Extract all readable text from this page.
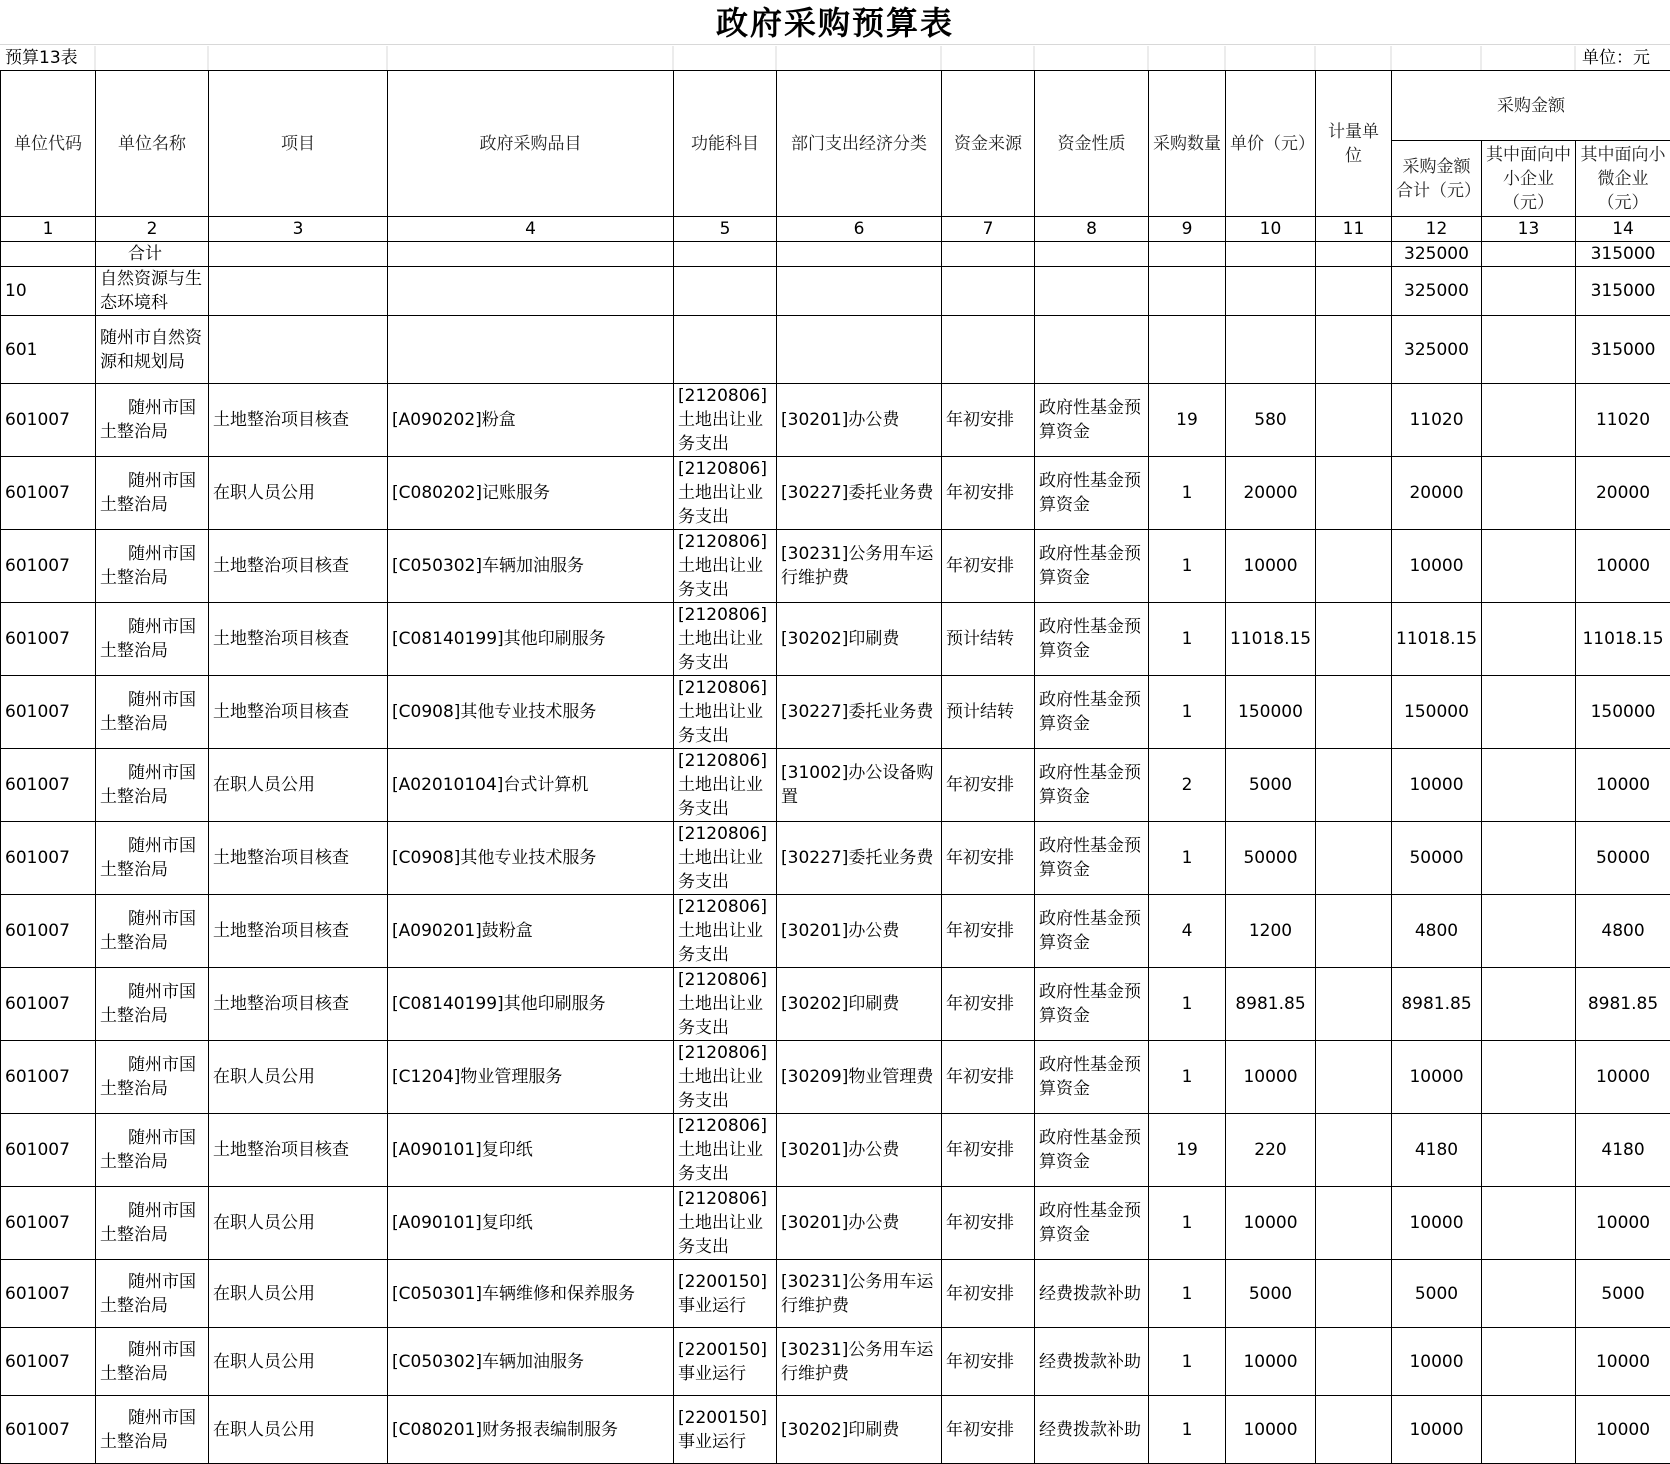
政府采购预算表
预算13表	单位：元
单位代码	单位名称	项目	政府采购品目	功能科目	部门支出经济分类	资金来源	资金性质	采购数量	单价（元）	计量单位	采购金额		
											采购金额合计（元）	其中面向中小企业（元）	其中面向小微企业（元）
1	2	3	4	5	6	7	8	9	10	11	12	13	14
	合计										325000		315000
10	自然资源与生态环境科										325000		315000
601	随州市自然资源和规划局										325000		315000
601007	随州市国土整治局	土地整治项目核查	[A090202]粉盒	[2120806]土地出让业务支出	[30201]办公费	年初安排	政府性基金预算资金	19	580		11020		11020
601007	随州市国土整治局	在职人员公用	[C080202]记账服务	[2120806]土地出让业务支出	[30227]委托业务费	年初安排	政府性基金预算资金	1	20000		20000		20000
601007	随州市国土整治局	土地整治项目核查	[C050302]车辆加油服务	[2120806]土地出让业务支出	[30231]公务用车运行维护费	年初安排	政府性基金预算资金	1	10000		10000		10000
601007	随州市国土整治局	土地整治项目核查	[C08140199]其他印刷服务	[2120806]土地出让业务支出	[30202]印刷费	预计结转	政府性基金预算资金	1	11018.15		11018.15		11018.15
601007	随州市国土整治局	土地整治项目核查	[C0908]其他专业技术服务	[2120806]土地出让业务支出	[30227]委托业务费	预计结转	政府性基金预算资金	1	150000		150000		150000
601007	随州市国土整治局	在职人员公用	[A02010104]台式计算机	[2120806]土地出让业务支出	[31002]办公设备购置	年初安排	政府性基金预算资金	2	5000		10000		10000
601007	随州市国土整治局	土地整治项目核查	[C0908]其他专业技术服务	[2120806]土地出让业务支出	[30227]委托业务费	年初安排	政府性基金预算资金	1	50000		50000		50000
601007	随州市国土整治局	土地整治项目核查	[A090201]鼓粉盒	[2120806]土地出让业务支出	[30201]办公费	年初安排	政府性基金预算资金	4	1200		4800		4800
601007	随州市国土整治局	土地整治项目核查	[C08140199]其他印刷服务	[2120806]土地出让业务支出	[30202]印刷费	年初安排	政府性基金预算资金	1	8981.85		8981.85		8981.85
601007	随州市国土整治局	在职人员公用	[C1204]物业管理服务	[2120806]土地出让业务支出	[30209]物业管理费	年初安排	政府性基金预算资金	1	10000		10000		10000
601007	随州市国土整治局	土地整治项目核查	[A090101]复印纸	[2120806]土地出让业务支出	[30201]办公费	年初安排	政府性基金预算资金	19	220		4180		4180
601007	随州市国土整治局	在职人员公用	[A090101]复印纸	[2120806]土地出让业务支出	[30201]办公费	年初安排	政府性基金预算资金	1	10000		10000		10000
601007	随州市国土整治局	在职人员公用	[C050301]车辆维修和保养服务	[2200150]事业运行	[30231]公务用车运行维护费	年初安排	经费拨款补助	1	5000		5000		5000
601007	随州市国土整治局	在职人员公用	[C050302]车辆加油服务	[2200150]事业运行	[30231]公务用车运行维护费	年初安排	经费拨款补助	1	10000		10000		10000
601007	随州市国土整治局	在职人员公用	[C080201]财务报表编制服务	[2200150]事业运行	[30202]印刷费	年初安排	经费拨款补助	1	10000		10000		10000
